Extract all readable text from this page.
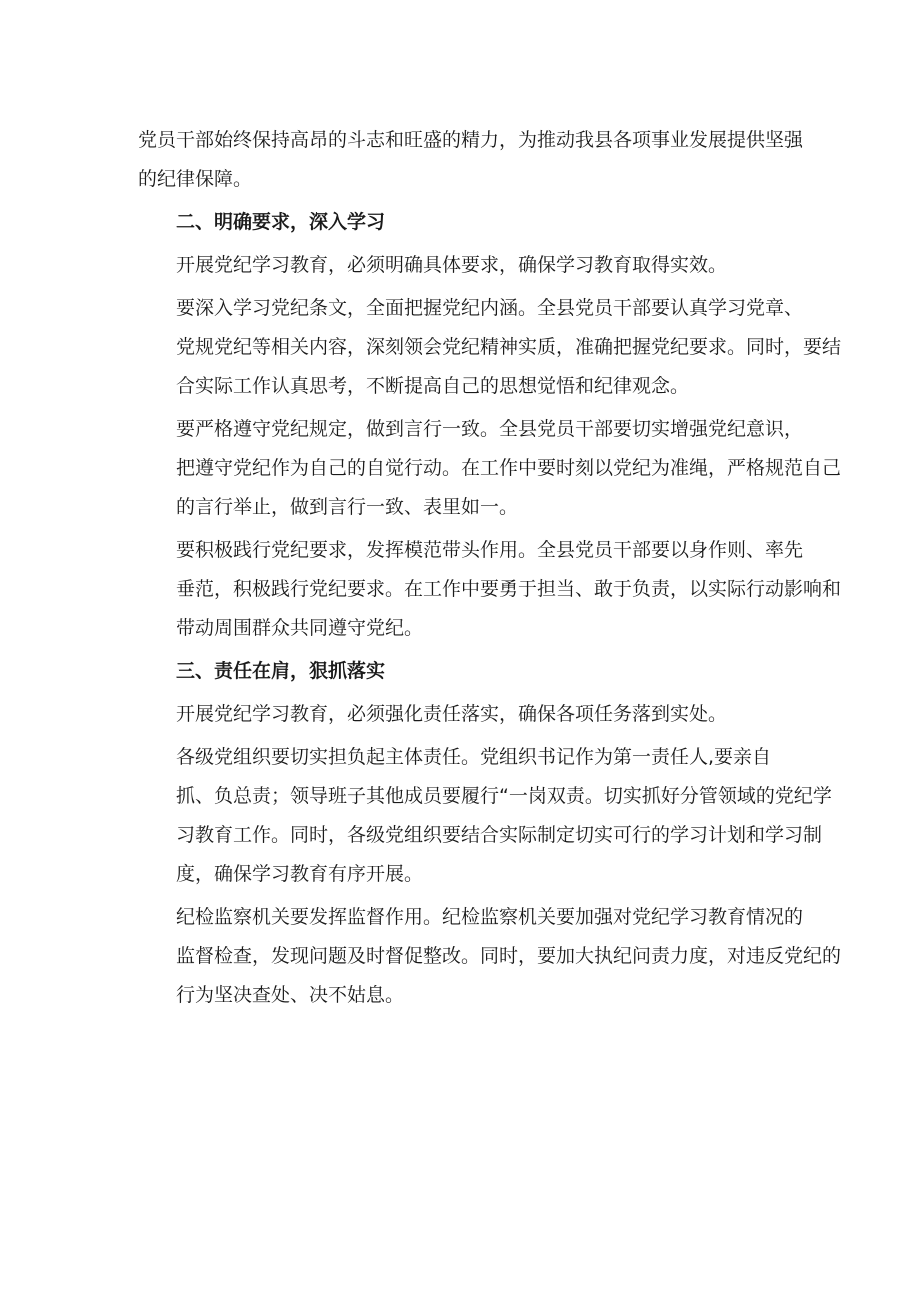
党员干部始终保持高昂的斗志和旺盛的精力，为推动我县各项事业发展提供坚强
的纪律保障。

二、明确要求，深入学习

开展党纪学习教育，必须明确具体要求，确保学习教育取得实效。

要深入学习党纪条文，全面把握党纪内涵。全县党员干部要认真学习党章、
党规党纪等相关内容，深刻领会党纪精神实质，准确把握党纪要求。同时，要结
合实际工作认真思考，不断提高自己的思想觉悟和纪律观念。

要严格遵守党纪规定，做到言行一致。全县党员干部要切实增强党纪意识，
把遵守党纪作为自己的自觉行动。在工作中要时刻以党纪为准绳，严格规范自己
的言行举止，做到言行一致、表里如一。

要积极践行党纪要求，发挥模范带头作用。全县党员干部要以身作则、率先
垂范，积极践行党纪要求。在工作中要勇于担当、敢于负责，以实际行动影响和
带动周围群众共同遵守党纪。

三、责任在肩，狠抓落实

开展党纪学习教育，必须强化责任落实，确保各项任务落到实处。

各级党组织要切实担负起主体责任。党组织书记作为第一责任人,要亲自
抓、负总责；领导班子其他成员要履行“一岗双责。切实抓好分管领域的党纪学
习教育工作。同时，各级党组织要结合实际制定切实可行的学习计划和学习制
度，确保学习教育有序开展。

纪检监察机关要发挥监督作用。纪检监察机关要加强对党纪学习教育情况的
监督检查，发现问题及时督促整改。同时，要加大执纪问责力度，对违反党纪的
行为坚决查处、决不姑息。
